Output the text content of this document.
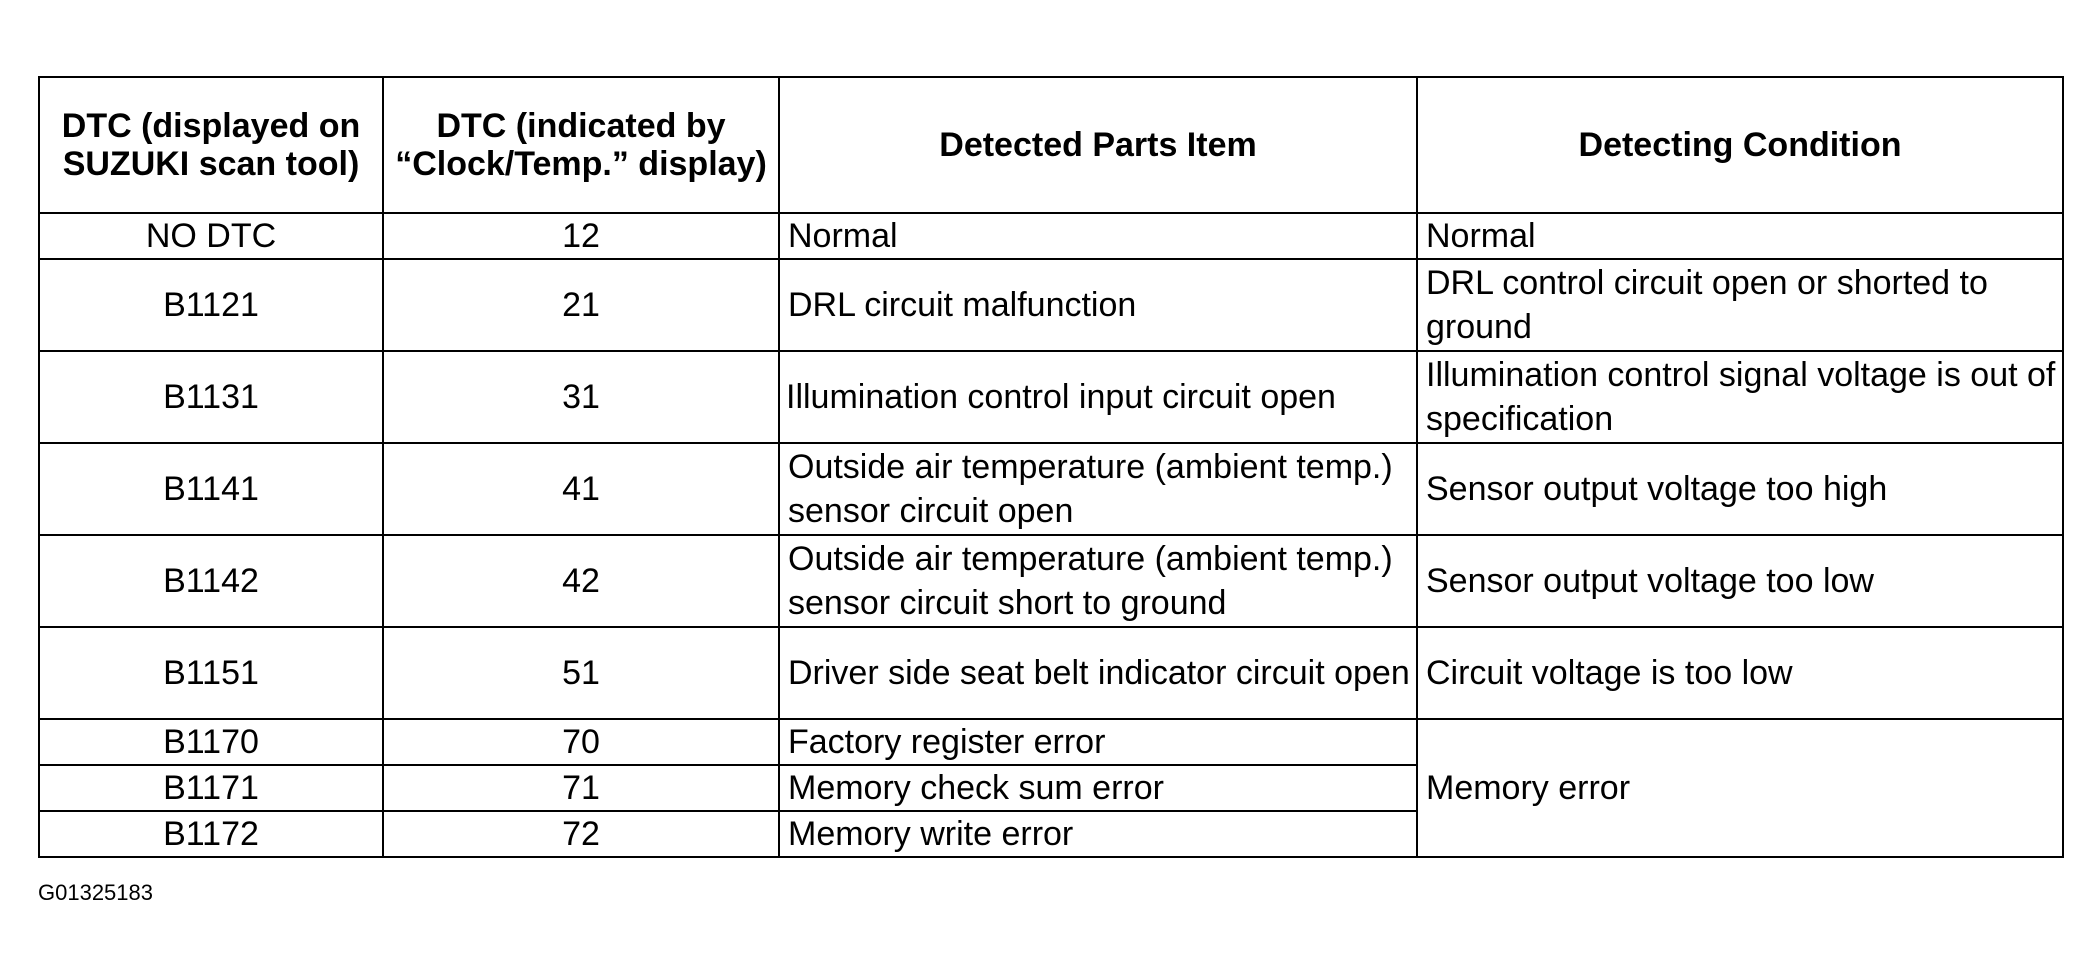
DTC (displayed on SUZUKI scan tool)	DTC (indicated by “Clock/Temp.” display)	Detected Parts Item	Detecting Condition
NO DTC	12	Normal	Normal
B1121	21	DRL circuit malfunction	DRL control circuit open or shorted to ground
B1131	31	Illumination control input circuit open	Illumination control signal voltage is out of specification
B1141	41	Outside air temperature (ambient temp.) sensor circuit open	Sensor output voltage too high
B1142	42	Outside air temperature (ambient temp.) sensor circuit short to ground	Sensor output voltage too low
B1151	51	Driver side seat belt indicator circuit open	Circuit voltage is too low
B1170	70	Factory register error	Memory error
B1171	71	Memory check sum error	
B1172	72	Memory write error	
G01325183
